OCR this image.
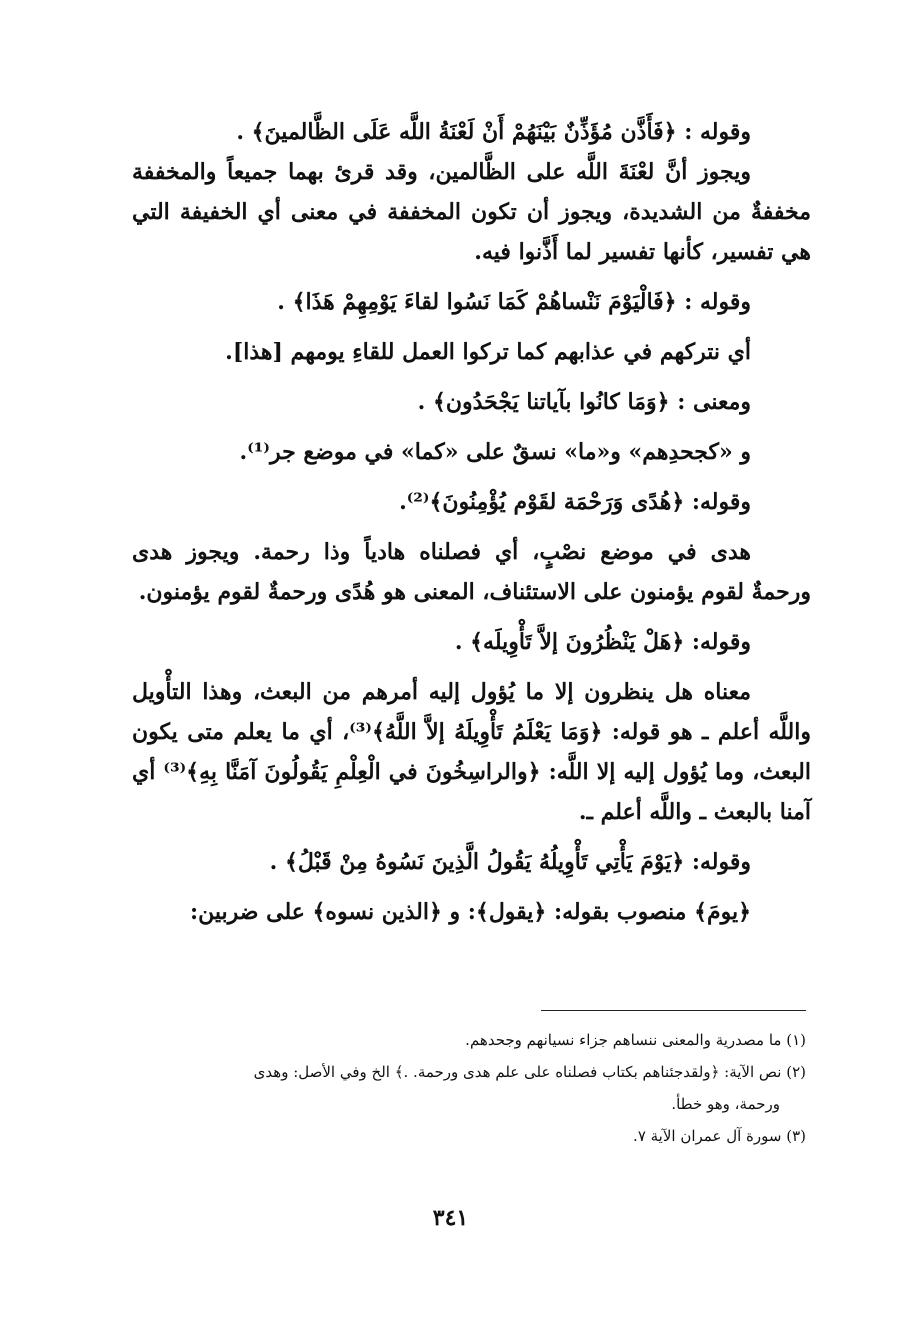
وقوله : ﴿فَأَذَّن مُؤَذِّنٌ بَيْنَهُمْ أَنْ لَعْنَةُ اللَّه عَلَى الظَّالمينَ﴾ .

ويجوز أنَّ لعْنَةَ اللَّه على الظَّالمين، وقد قرئ بهما جميعاً والمخففة مخففةٌ من الشديدة، ويجوز أن تكون المخففة في معنى أي الخفيفة التي هي تفسير، كأنها تفسير لما أَذَّنوا فيه.

وقوله : ﴿فَالْيَوْمَ نَنْساهُمْ كَمَا نَسُوا لقاءَ يَوْمِهِمْ هَذَا﴾ .

أي نتركهم في عذابهم كما تركوا العمل للقاءِ يومهم [هذا].

ومعنى : ﴿وَمَا كانُوا بآياتنا يَجْحَدُون﴾ .

و «كجحدِهم» و«ما» نسقٌ على «كما» في موضع جر⁽¹⁾.

وقوله: ﴿هُدًى وَرَحْمَة لقَوْم يُؤْمِنُونَ﴾⁽²⁾.

هدى في موضع نصْبٍ، أي فصلناه هادياً وذا رحمة. ويجوز هدى ورحمةٌ لقوم يؤمنون على الاستئناف، المعنى هو هُدًى ورحمةٌ لقوم يؤمنون.

وقوله: ﴿هَلْ يَنْظُرُونَ إلاَّ تَأْوِيلَه﴾ .

معناه هل ينظرون إلا ما يُؤول إليه أمرهم من البعث، وهذا التأْويل واللَّه أعلم ـ هو قوله: ﴿وَمَا يَعْلَمُ تَأْوِيلَهُ إلاَّ اللَّهُ﴾⁽³⁾، أي ما يعلم متى يكون البعث، وما يُؤول إليه إلا اللَّه: ﴿والراسِخُونَ في الْعِلْمِ يَقُولُونَ آمَنَّا بِهِ﴾⁽³⁾ أي آمنا بالبعث ـ واللَّه أعلم ـ.

وقوله: ﴿يَوْمَ يَأْتِي تَأْوِيلُهُ يَقُولُ الَّذِينَ نَسُوهُ مِنْ قَبْلُ﴾ .

﴿يومَ﴾ منصوب بقوله: ﴿يقول﴾: و ﴿الذين نسوه﴾ على ضربين:

(١) ما مصدرية والمعنى ننساهم جزاء نسيانهم وجحدهم.

(٢) نص الآية: ﴿ولقدجئناهم بكتاب فصلناه على علم هدى ورحمة. .﴾ الخ وفي الأصل: وهدى
ورحمة، وهو خطأ.

(٣) سورة آل عمران الآية ٧.

٣٤١
